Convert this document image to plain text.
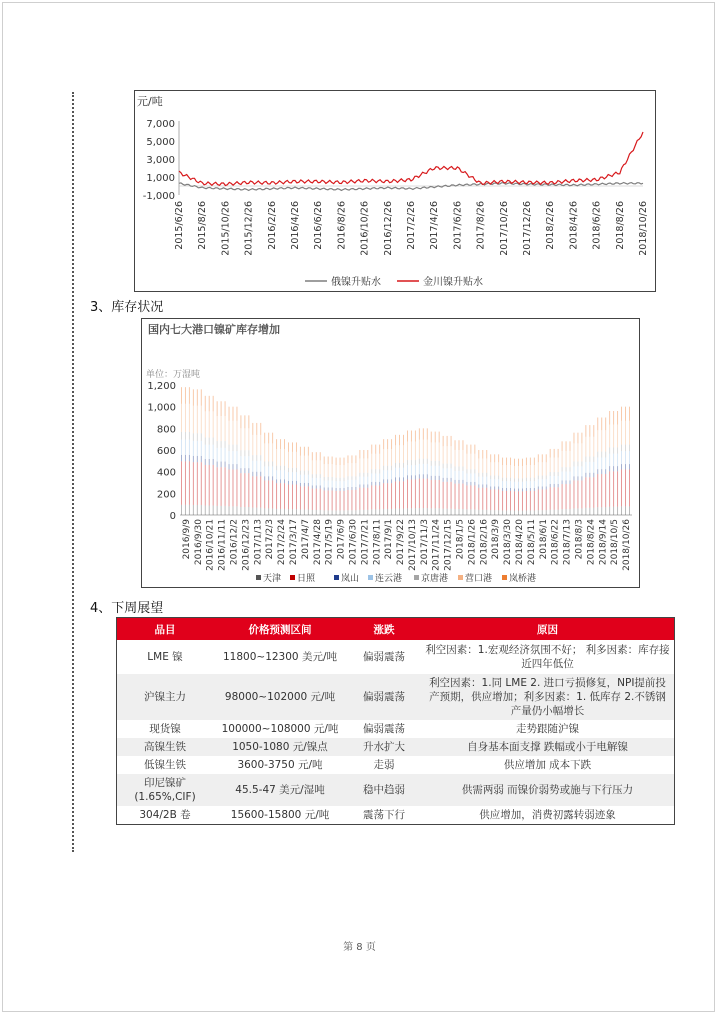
元/吨
7,000
5,000
3,000
1,000
-1,000
2015/6/26 2015/8/26 2015/10/26 2015/12/26 2016/2/26 2016/4/26 2016/6/26 2016/8/26 2016/10/26 2016/12/26 2017/2/26 2017/4/26 2017/6/26 2017/8/26 2017/10/26 2017/12/26 2018/2/26 2018/4/26 2018/6/26 2018/8/26 2018/10/26
俄镍升贴水	金川镍升贴水
3、库存状况
国内七大港口镍矿库存增加
单位：万湿吨
1,200
1,000
800
600
400
200
0
2016/9/9 2016/9/30 2016/10/21 2016/11/11 2016/12/2 2016/12/23 2017/1/13 2017/2/3 2017/2/24 2017/3/17 2017/4/7 2017/4/28 2017/5/19 2017/6/9 2017/6/30 2017/7/21 2017/8/11 2017/9/1 2017/9/22 2017/10/13 2017/11/3 2017/11/24 2017/12/15 2018/1/5 2018/1/26 2018/2/16 2018/3/9 2018/3/30 2018/4/20 2018/5/11 2018/6/1 2018/6/22 2018/7/13 2018/8/3 2018/8/24 2018/9/14 2018/10/5 2018/10/26
天津 日照	岚山 连云港 京唐港 营口港 岚桥港
4、下周展望
品目	价格预测区间	涨跌	原因
LME 镍	11800~12300 美元/吨	偏弱震荡	利空因素：1.宏观经济氛围不好； 利多因素：库存接近四年低位
沪镍主力	98000~102000 元/吨	偏弱震荡	利空因素：1.同 LME 2. 进口亏损修复，NPI提前投产预期，供应增加；利多因素：1. 低库存 2.不锈钢产量仍小幅增长
现货镍	100000~108000 元/吨	偏弱震荡	走势跟随沪镍
高镍生铁	1050-1080 元/镍点	升水扩大	自身基本面支撑 跌幅或小于电解镍
低镍生铁	3600-3750 元/吨	走弱	供应增加 成本下跌
印尼镍矿(1.65%,CIF)	45.5-47 美元/湿吨	稳中趋弱	供需两弱 而镍价弱势或施与下行压力
304/2B 卷	15600-15800 元/吨	震荡下行	供应增加，消费初露转弱迹象
第 8 页
